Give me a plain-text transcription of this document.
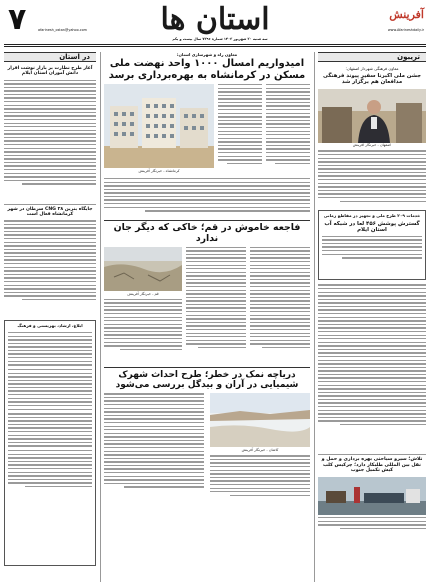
۷	استان ها	آفرینش
www.Afarineshdaily.ir
afarinesh_ostan@yahoo.com
سه شنبه ۲۰ شهریور ۱۴۰۳ شماره ۷۲۹۶ سال بیست و یکم
تریبون
معاون فرهنگی شهردار اصفهان:
جشن ملی اکبرنا سفیر پیوند فرهنگی مدافعان هم برگزار شد
اصفهان - خبرنگار آفرینش
خدمات ۲۰۹ طرح ملی و تجهیز در مقاطع زمانی
گسترش پوشش ۴۵۶ لعا در شبکه آب استان ایلام
تلاش؛ سیرو سیاحتی بهره برداری و حمل و نقل بین المللی طلبکار دارد؛ چرکیس کلب کیش تکمیل جنوب
معاون راه و شهرسازی استان:
امیدواریم امسال ۱۰۰۰ واحد نهضت ملی
مسکن در کرمانشاه به بهره‌برداری برسد
کرمانشاه - خبرنگار آفرینش
فاجعه خاموش در قم؛ خاکی که دیگر جان ندارد
قم - خبرنگار آفرینش
دریاچه نمک در خطر؛ طرح احداث شهرک
شیمیایی در آران و بیدگل بررسی می‌شود
کاشان - خبرنگار آفرینش
در استان
آغاز طرح نظارت بر بازار نوشت افزار
دانش آموزان استان ایلام
جایگاه بنزین ۲۸ CNG سرطان در شهر
کرمانشاه فعال است
ابلاغ، ارشاد، بهزیستی و فرهنگ
